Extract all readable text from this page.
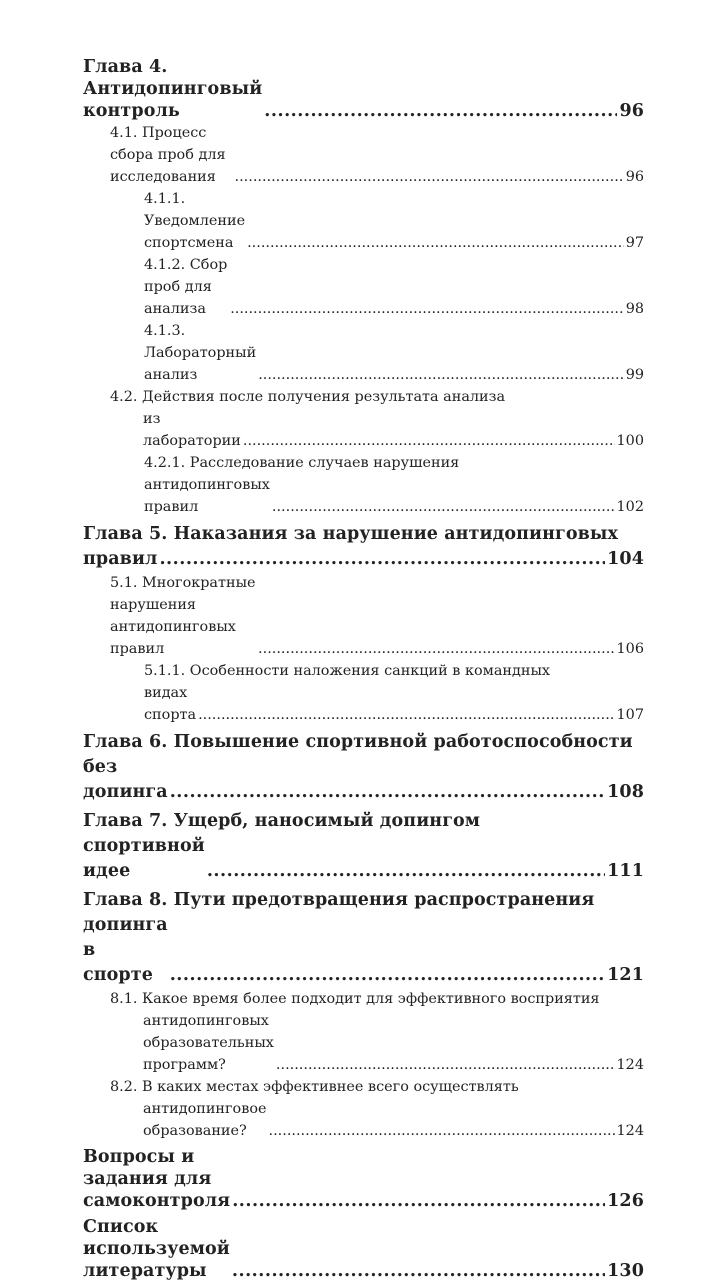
Глава 4. Антидопинговый контроль .....	96
4.1. Процесс сбора проб для исследования .....	96
4.1.1. Уведомление спортсмена .....	97
4.1.2. Сбор проб для анализа .....	98
4.1.3. Лабораторный анализ .....	99
4.2. Действия после получения результата анализа
из лаборатории .....	100
4.2.1. Расследование случаев нарушения
антидопинговых правил .....	102
Глава 5. Наказания за нарушение антидопинговых
правил .....	104
5.1. Многократные нарушения антидопинговых правил .....	106
5.1.1. Особенности наложения санкций в командных
видах спорта .....	107
Глава 6. Повышение спортивной работоспособности
без допинга .....	108
Глава 7. Ущерб, наносимый допингом
спортивной идее .....	111
Глава 8. Пути предотвращения распространения
допинга в спорте .....	121
8.1. Какое время более подходит для эффективного восприятия
антидопинговых образовательных программ? .....	124
8.2. В каких местах эффективнее всего осуществлять
антидопинговое образование? .....	124
Вопросы и задания для самоконтроля .....	126
Список используемой литературы .....	130
